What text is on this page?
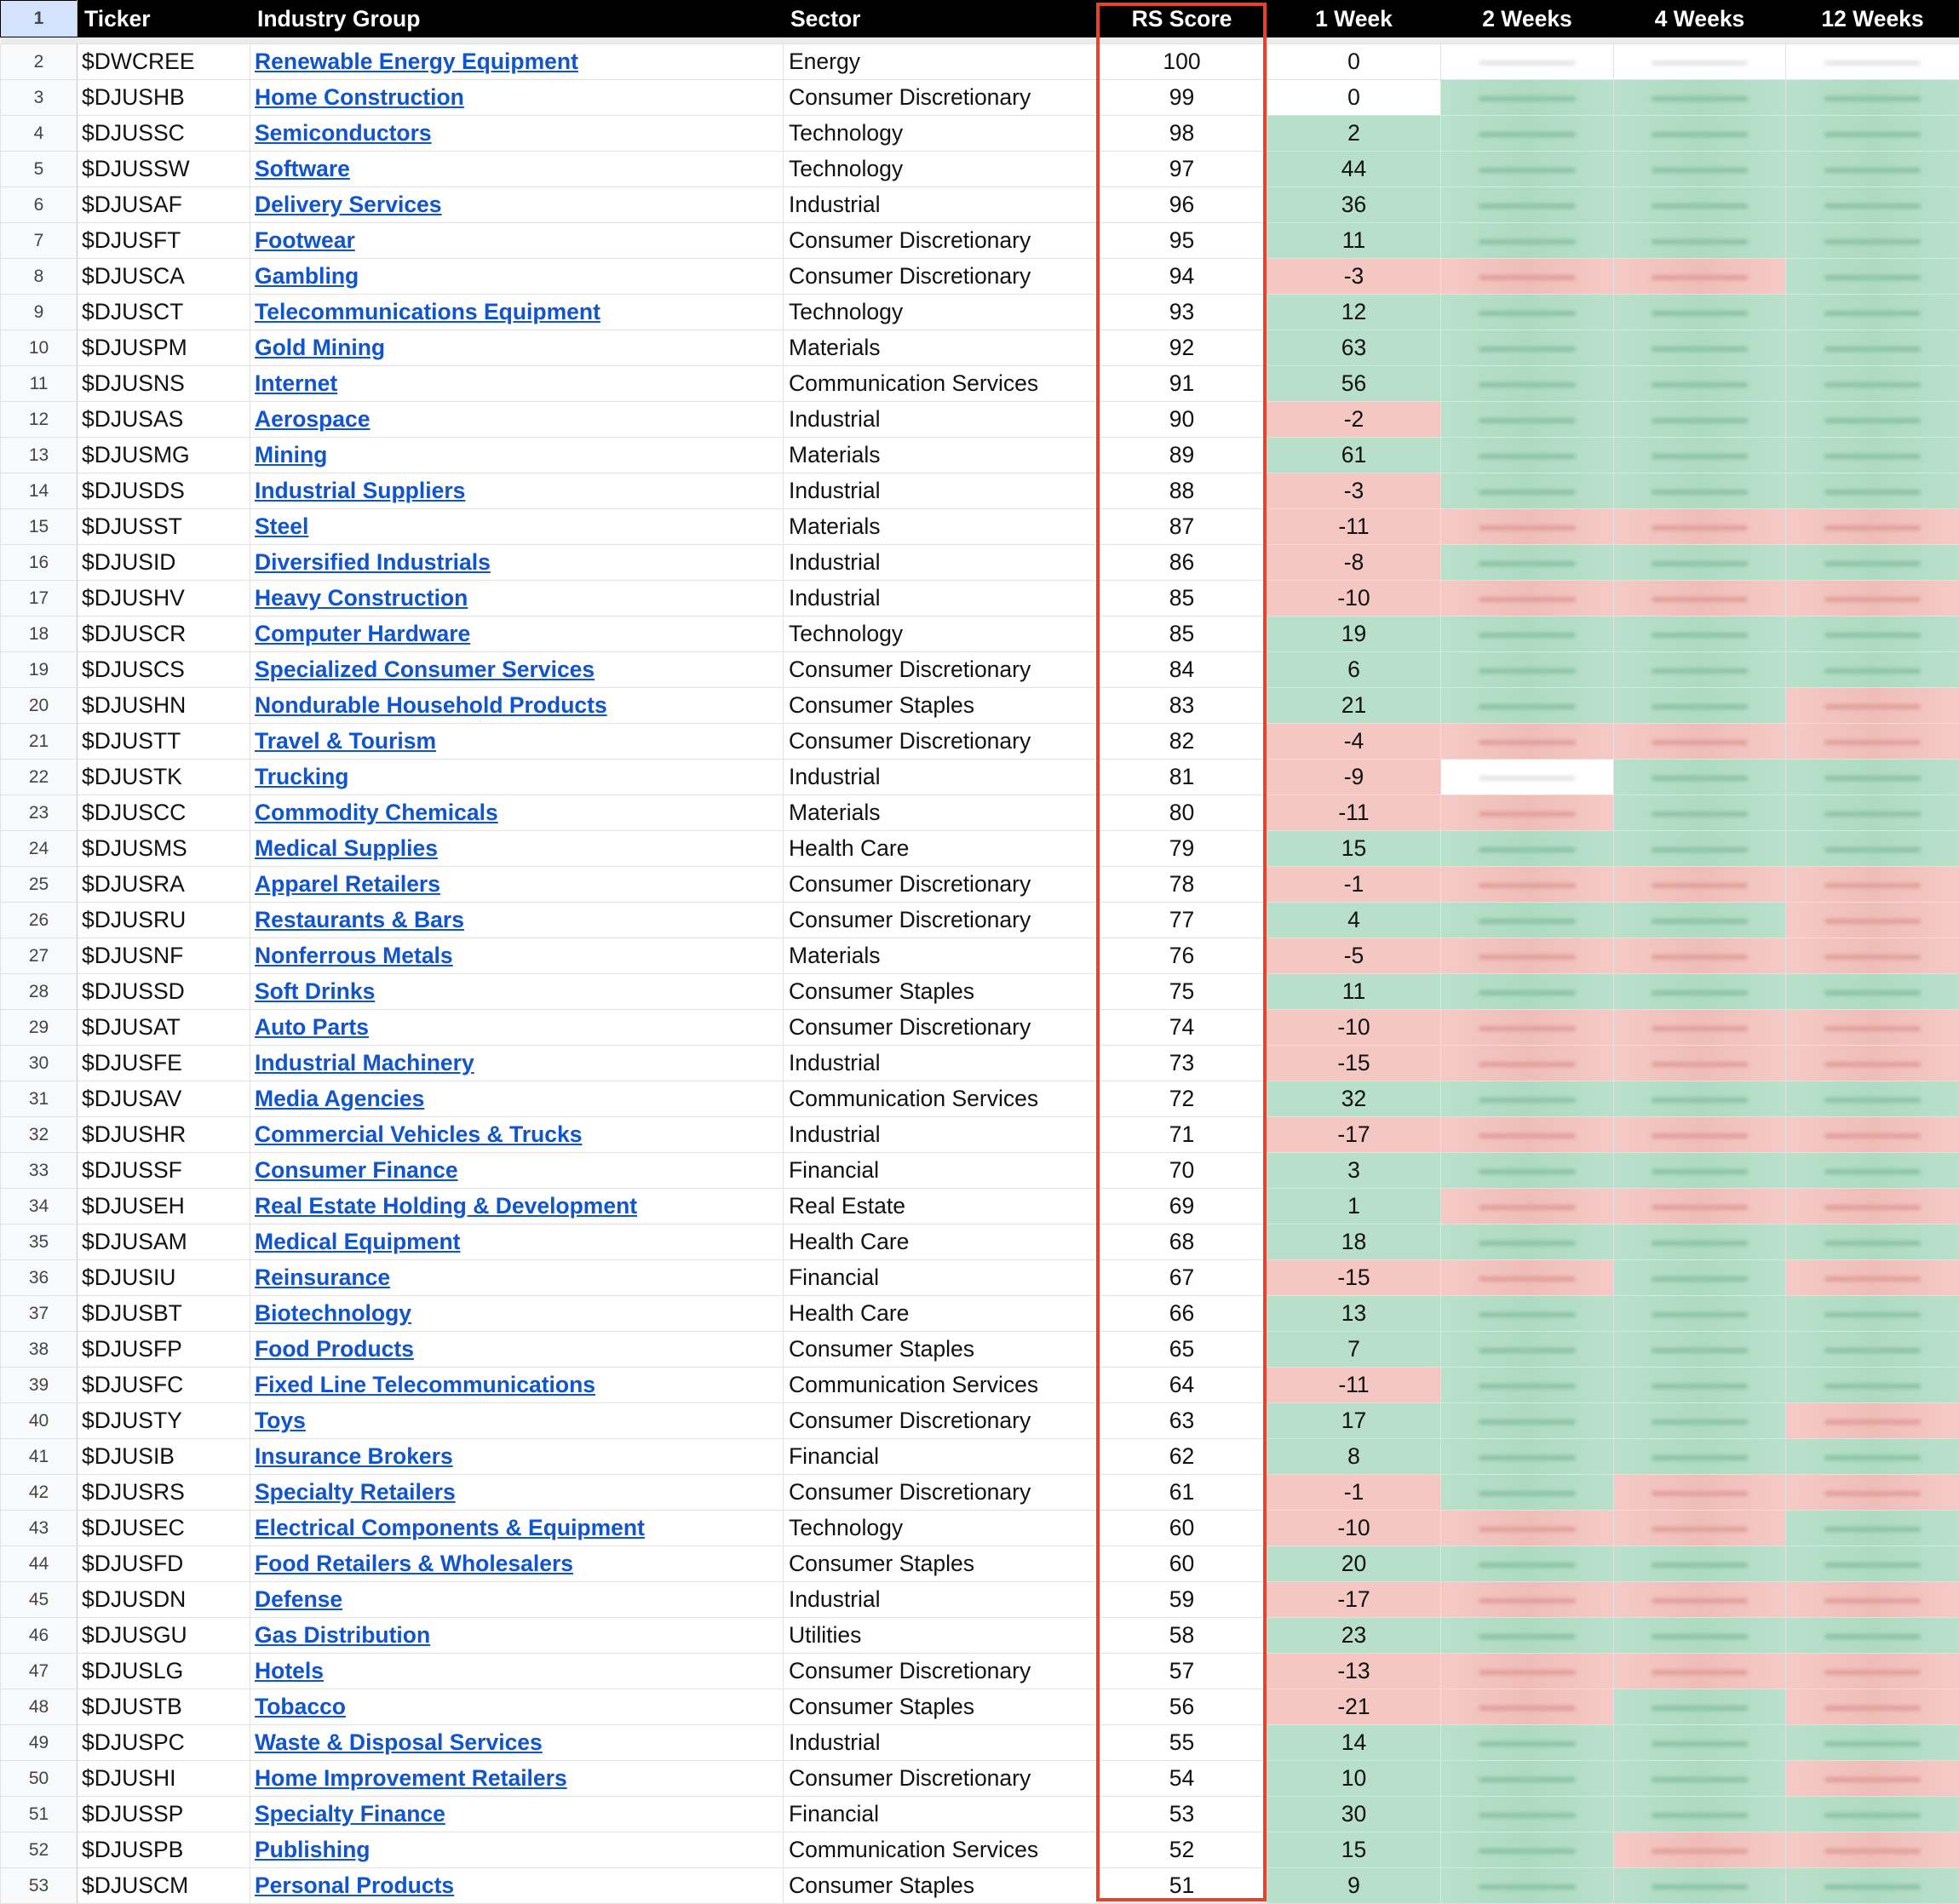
1	Ticker	Industry Group	Sector	RS Score	1 Week	2 Weeks	4 Weeks	12 Weeks

2	$DWCREE	Renewable Energy Equipment	Energy	100	0	

3	$DJUSHB	Home Construction	Consumer Discretionary	99	0	

4	$DJUSSC	Semiconductors	Technology	98	2	

5	$DJUSSW	Software	Technology	97	44	

6	$DJUSAF	Delivery Services	Industrial	96	36	

7	$DJUSFT	Footwear	Consumer Discretionary	95	11	

8	$DJUSCA	Gambling	Consumer Discretionary	94	-3	

9	$DJUSCT	Telecommunications Equipment	Technology	93	12	

10	$DJUSPM	Gold Mining	Materials	92	63	

11	$DJUSNS	Internet	Communication Services	91	56	

12	$DJUSAS	Aerospace	Industrial	90	-2	

13	$DJUSMG	Mining	Materials	89	61	

14	$DJUSDS	Industrial Suppliers	Industrial	88	-3	

15	$DJUSST	Steel	Materials	87	-11	

16	$DJUSID	Diversified Industrials	Industrial	86	-8	

17	$DJUSHV	Heavy Construction	Industrial	85	-10	

18	$DJUSCR	Computer Hardware	Technology	85	19	

19	$DJUSCS	Specialized Consumer Services	Consumer Discretionary	84	6	

20	$DJUSHN	Nondurable Household Products	Consumer Staples	83	21	

21	$DJUSTT	Travel & Tourism	Consumer Discretionary	82	-4	

22	$DJUSTK	Trucking	Industrial	81	-9	

23	$DJUSCC	Commodity Chemicals	Materials	80	-11	

24	$DJUSMS	Medical Supplies	Health Care	79	15	

25	$DJUSRA	Apparel Retailers	Consumer Discretionary	78	-1	

26	$DJUSRU	Restaurants & Bars	Consumer Discretionary	77	4	

27	$DJUSNF	Nonferrous Metals	Materials	76	-5	

28	$DJUSSD	Soft Drinks	Consumer Staples	75	11	

29	$DJUSAT	Auto Parts	Consumer Discretionary	74	-10	

30	$DJUSFE	Industrial Machinery	Industrial	73	-15	

31	$DJUSAV	Media Agencies	Communication Services	72	32	

32	$DJUSHR	Commercial Vehicles & Trucks	Industrial	71	-17	

33	$DJUSSF	Consumer Finance	Financial	70	3	

34	$DJUSEH	Real Estate Holding & Development	Real Estate	69	1	

35	$DJUSAM	Medical Equipment	Health Care	68	18	

36	$DJUSIU	Reinsurance	Financial	67	-15	

37	$DJUSBT	Biotechnology	Health Care	66	13	

38	$DJUSFP	Food Products	Consumer Staples	65	7	

39	$DJUSFC	Fixed Line Telecommunications	Communication Services	64	-11	

40	$DJUSTY	Toys	Consumer Discretionary	63	17	

41	$DJUSIB	Insurance Brokers	Financial	62	8	

42	$DJUSRS	Specialty Retailers	Consumer Discretionary	61	-1	

43	$DJUSEC	Electrical Components & Equipment	Technology	60	-10	

44	$DJUSFD	Food Retailers & Wholesalers	Consumer Staples	60	20	

45	$DJUSDN	Defense	Industrial	59	-17	

46	$DJUSGU	Gas Distribution	Utilities	58	23	

47	$DJUSLG	Hotels	Consumer Discretionary	57	-13	

48	$DJUSTB	Tobacco	Consumer Staples	56	-21	

49	$DJUSPC	Waste & Disposal Services	Industrial	55	14	

50	$DJUSHI	Home Improvement Retailers	Consumer Discretionary	54	10	

51	$DJUSSP	Specialty Finance	Financial	53	30	

52	$DJUSPB	Publishing	Communication Services	52	15	

53	$DJUSCM	Personal Products	Consumer Staples	51	9	
